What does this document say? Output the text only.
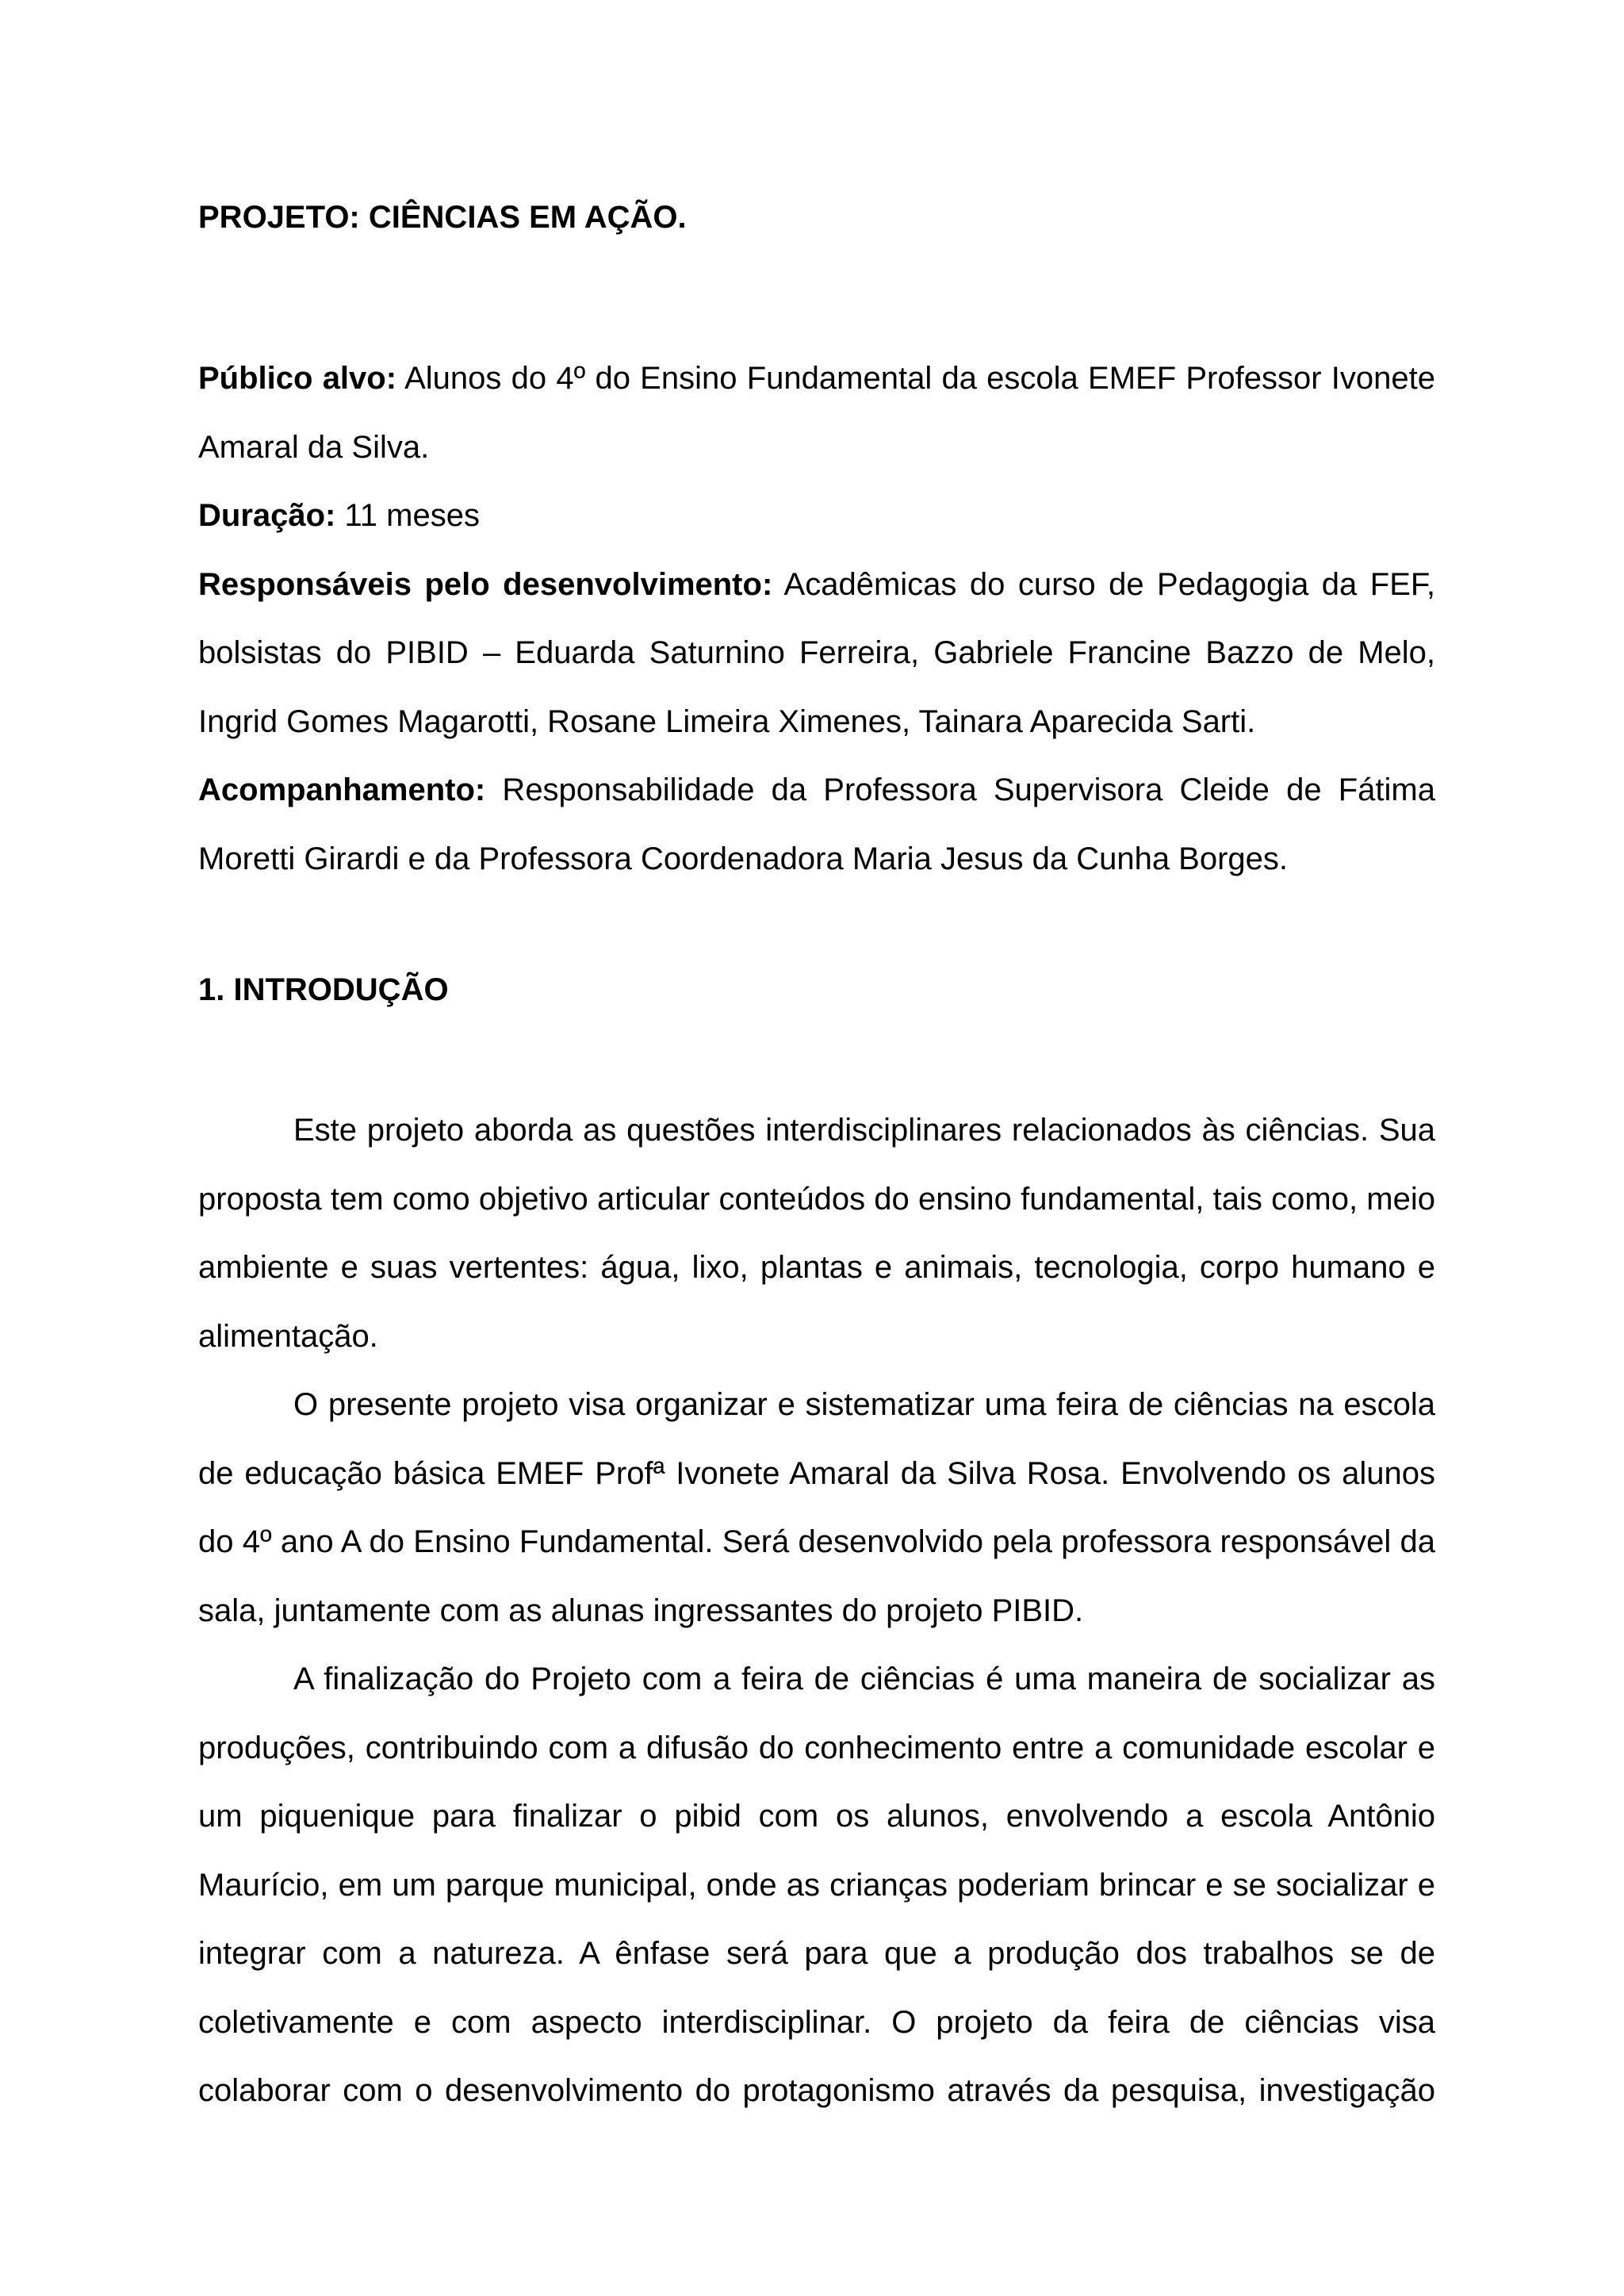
PROJETO: CIÊNCIAS EM AÇÃO.

Público alvo: Alunos do 4º do Ensino Fundamental da escola EMEF Professor Ivonete Amaral da Silva.

Duração: 11 meses

Responsáveis pelo desenvolvimento: Acadêmicas do curso de Pedagogia da FEF, bolsistas do PIBID – Eduarda Saturnino Ferreira, Gabriele Francine Bazzo de Melo, Ingrid Gomes Magarotti, Rosane Limeira Ximenes, Tainara Aparecida Sarti.

Acompanhamento: Responsabilidade da Professora Supervisora Cleide de Fátima Moretti Girardi e da Professora Coordenadora Maria Jesus da Cunha Borges.

1. INTRODUÇÃO

Este projeto aborda as questões interdisciplinares relacionados às ciências. Sua proposta tem como objetivo articular conteúdos do ensino fundamental, tais como, meio ambiente e suas vertentes: água, lixo, plantas e animais, tecnologia, corpo humano e alimentação.

O presente projeto visa organizar e sistematizar uma feira de ciências na escola de educação básica EMEF Profª Ivonete Amaral da Silva Rosa. Envolvendo os alunos do 4º ano A do Ensino Fundamental. Será desenvolvido pela professora responsável da sala, juntamente com as alunas ingressantes do projeto PIBID.

A finalização do Projeto com a feira de ciências é uma maneira de socializar as produções, contribuindo com a difusão do conhecimento entre a comunidade escolar e um piquenique para finalizar o pibid com os alunos, envolvendo a escola Antônio Maurício, em um parque municipal, onde as crianças poderiam brincar e se socializar e integrar com a natureza. A ênfase será para que a produção dos trabalhos se de coletivamente e com aspecto interdisciplinar. O projeto da feira de ciências visa colaborar com o desenvolvimento do protagonismo através da pesquisa, investigação
